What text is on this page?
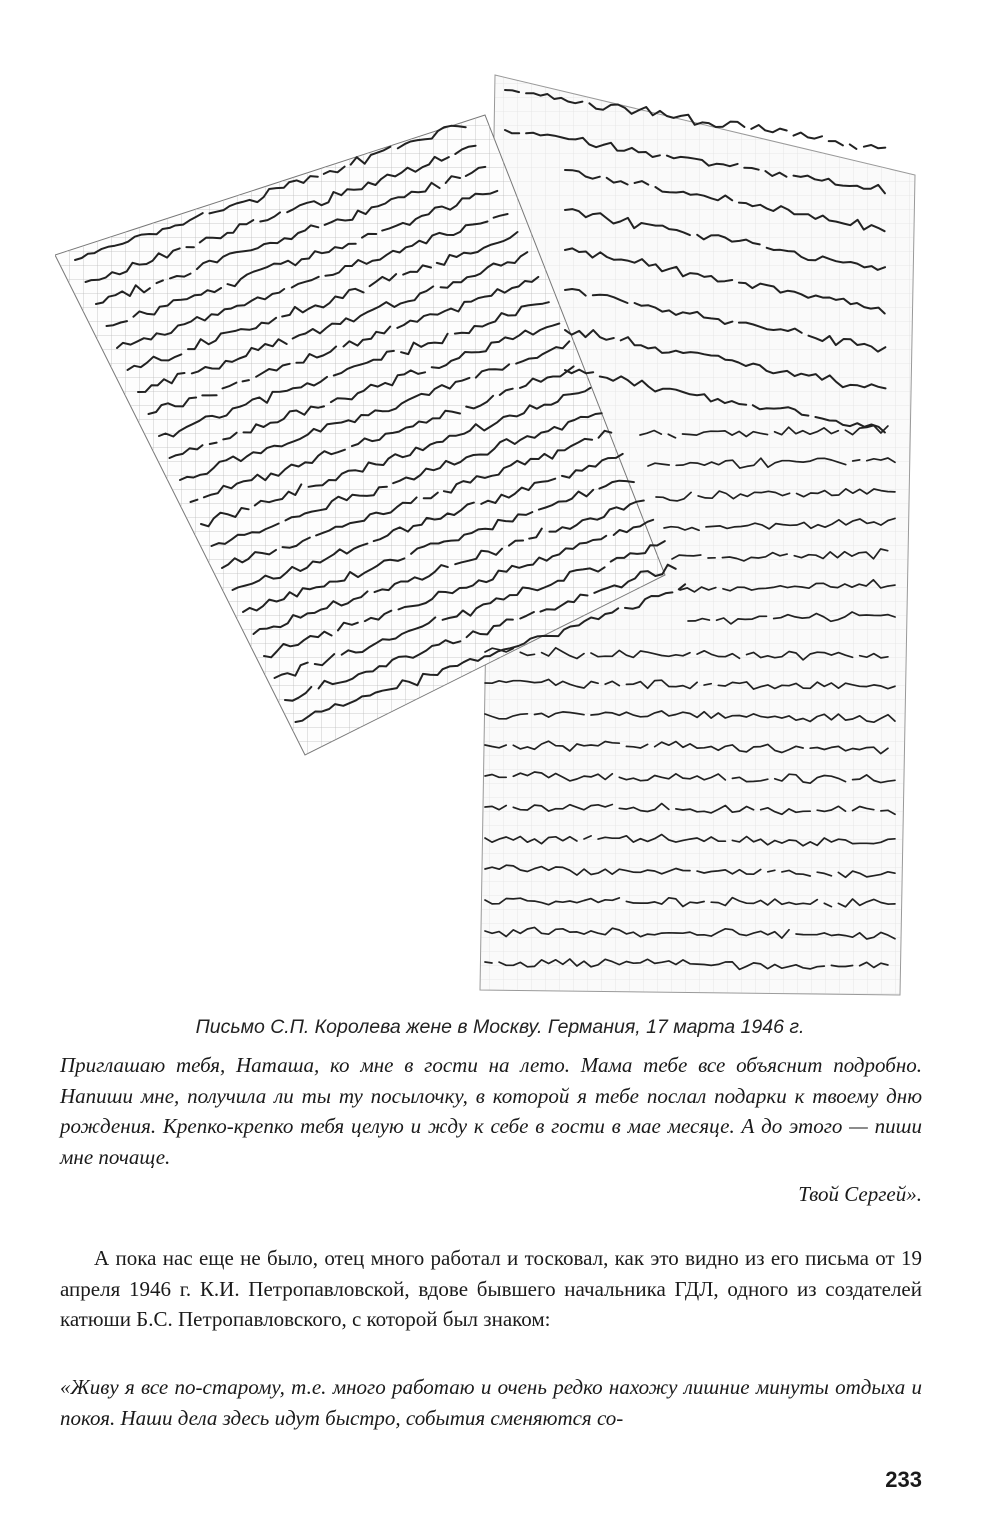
Письмо С.П. Королева жене в Москву. Германия, 17 марта 1946 г.

Приглашаю тебя, Наташа, ко мне в гости на лето. Мама тебе все объяснит подробно. Напиши мне, получила ли ты ту посылочку, в которой я тебе послал подарки к твоему дню рождения. Крепко-крепко тебя целую и жду к себе в гости в мае месяце. А до этого — пиши мне почаще.

Твой Сергей».

А пока нас еще не было, отец много работал и тосковал, как это видно из его письма от 19 апреля 1946 г. К.И. Петропавловской, вдове бывшего начальника ГДЛ, одного из создателей катюши Б.С. Петропавловского, с которой был знаком:

«Живу я все по-старому, т.е. много работаю и очень редко нахожу лишние минуты отдыха и покоя. Наши дела здесь идут быстро, события сменяются со-

233
